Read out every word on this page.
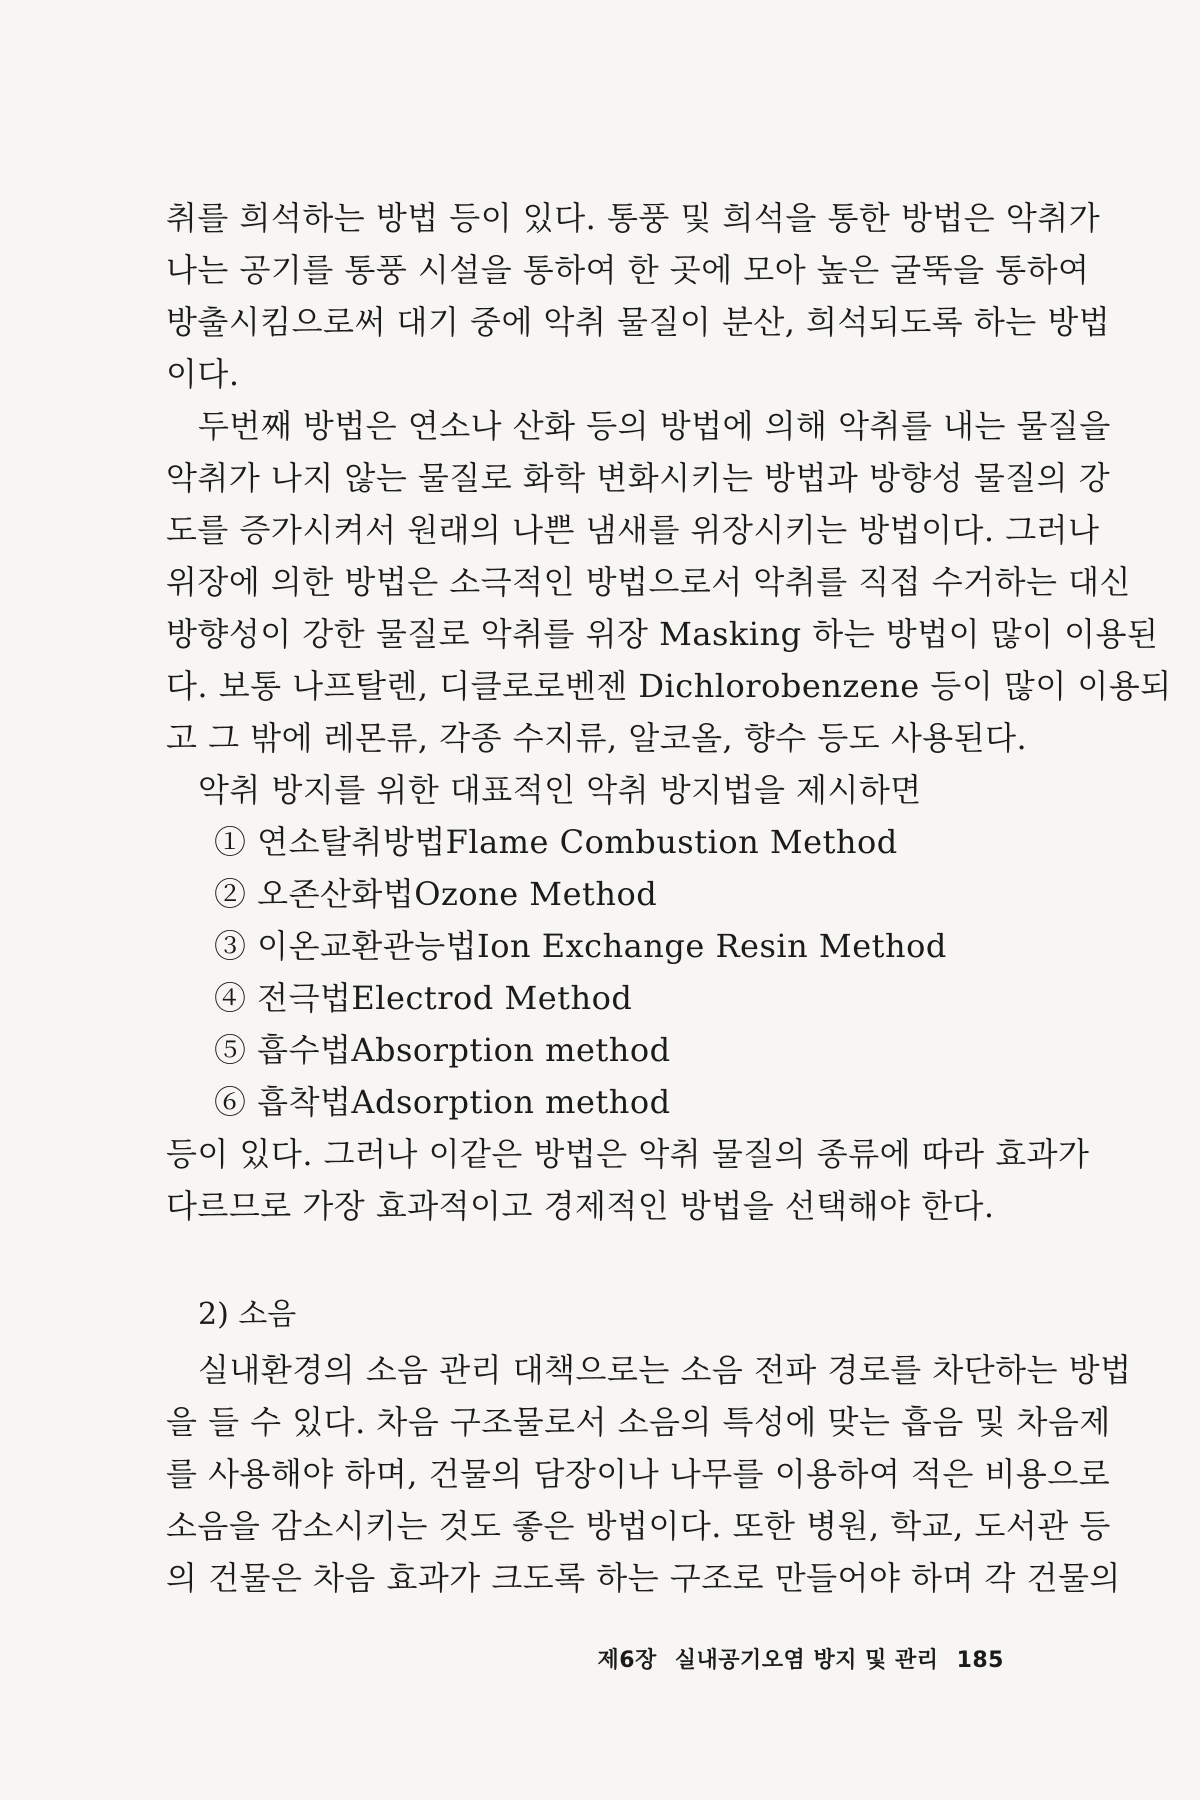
취를 희석하는 방법 등이 있다. 통풍 및 희석을 통한 방법은 악취가
나는 공기를 통풍 시설을 통하여 한 곳에 모아 높은 굴뚝을 통하여
방출시킴으로써 대기 중에 악취 물질이 분산, 희석되도록 하는 방법
이다.
두번째 방법은 연소나 산화 등의 방법에 의해 악취를 내는 물질을
악취가 나지 않는 물질로 화학 변화시키는 방법과 방향성 물질의 강
도를 증가시켜서 원래의 나쁜 냄새를 위장시키는 방법이다. 그러나
위장에 의한 방법은 소극적인 방법으로서 악취를 직접 수거하는 대신
방향성이 강한 물질로 악취를 위장 Masking 하는 방법이 많이 이용된
다. 보통 나프탈렌, 디클로로벤젠 Dichlorobenzene 등이 많이 이용되
고 그 밖에 레몬류, 각종 수지류, 알코올, 향수 등도 사용된다.
악취 방지를 위한 대표적인 악취 방지법을 제시하면
① 연소탈취방법Flame Combustion Method
② 오존산화법Ozone Method
③ 이온교환관능법Ion Exchange Resin Method
④ 전극법Electrod Method
⑤ 흡수법Absorption method
⑥ 흡착법Adsorption method
등이 있다. 그러나 이같은 방법은 악취 물질의 종류에 따라 효과가
다르므로 가장 효과적이고 경제적인 방법을 선택해야 한다.
2) 소음
실내환경의 소음 관리 대책으로는 소음 전파 경로를 차단하는 방법
을 들 수 있다. 차음 구조물로서 소음의 특성에 맞는 흡음 및 차음제
를 사용해야 하며, 건물의 담장이나 나무를 이용하여 적은 비용으로
소음을 감소시키는 것도 좋은 방법이다. 또한 병원, 학교, 도서관 등
의 건물은 차음 효과가 크도록 하는 구조로 만들어야 하며 각 건물의
제6장 실내공기오염 방지 및 관리 185
